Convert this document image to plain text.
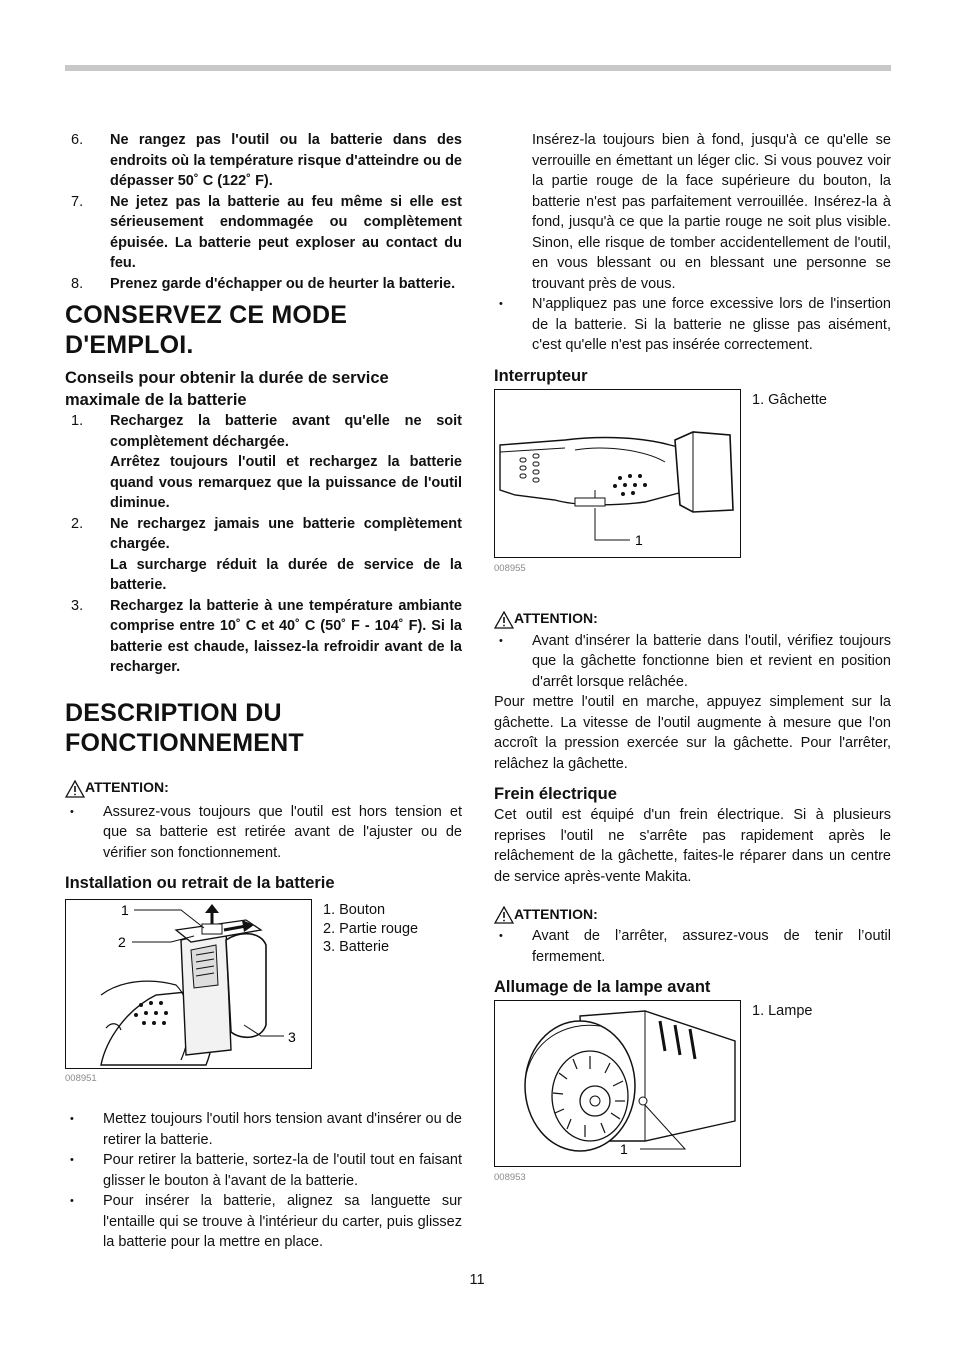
6. Ne rangez pas l'outil ou la batterie dans des endroits où la température risque d'atteindre ou de dépasser 50˚ C (122˚ F).

7. Ne jetez pas la batterie au feu même si elle est sérieusement endommagée ou complètement épuisée. La batterie peut exploser au contact du feu.

8. Prenez garde d'échapper ou de heurter la batterie.

CONSERVEZ CE MODE D'EMPLOI.
Conseils pour obtenir la durée de service maximale de la batterie
1. Rechargez la batterie avant qu'elle ne soit complètement déchargée.

Arrêtez toujours l'outil et rechargez la batterie quand vous remarquez que la puissance de l'outil diminue.

2. Ne rechargez jamais une batterie complètement chargée.

La surcharge réduit la durée de service de la batterie.

3. Rechargez la batterie à une température ambiante comprise entre 10˚ C et 40˚ C (50˚ F - 104˚ F). Si la batterie est chaude, laissez-la refroidir avant de la recharger.

DESCRIPTION DU FONCTIONNEMENT
ATTENTION:
• Assurez-vous toujours que l'outil est hors tension et que sa batterie est retirée avant de l'ajuster ou de vérifier son fonctionnement.
Installation ou retrait de la batterie
1
2
3
008951
1. Bouton
2. Partie rouge
3. Batterie
• Mettez toujours l'outil hors tension avant d'insérer ou de retirer la batterie.
• Pour retirer la batterie, sortez-la de l'outil tout en faisant glisser le bouton à l'avant de la batterie.
• Pour insérer la batterie, alignez sa languette sur l'entaille qui se trouve à l'intérieur du carter, puis glissez la batterie pour la mettre en place.
Insérez-la toujours bien à fond, jusqu'à ce qu'elle se verrouille en émettant un léger clic. Si vous pouvez voir la partie rouge de la face supérieure du bouton, la batterie n'est pas parfaitement verrouillée. Insérez-la à fond, jusqu'à ce que la partie rouge ne soit plus visible. Sinon, elle risque de tomber accidentellement de l'outil, en vous blessant ou en blessant une personne se trouvant près de vous.
• N'appliquez pas une force excessive lors de l'insertion de la batterie. Si la batterie ne glisse pas aisément, c'est qu'elle n'est pas insérée correctement.
Interrupteur
1
008955
1. Gâchette
ATTENTION:
• Avant d'insérer la batterie dans l'outil, vérifiez toujours que la gâchette fonctionne bien et revient en position d'arrêt lorsque relâchée.
Pour mettre l'outil en marche, appuyez simplement sur la gâchette. La vitesse de l'outil augmente à mesure que l'on accroît la pression exercée sur la gâchette. Pour l'arrêter, relâchez la gâchette.
Frein électrique
Cet outil est équipé d'un frein électrique. Si à plusieurs reprises l'outil ne s'arrête pas rapidement après le relâchement de la gâchette, faites-le réparer dans un centre de service après-vente Makita.
ATTENTION:
• Avant de l’arrêter, assurez-vous de tenir l’outil fermement.
Allumage de la lampe avant
1
008953
1. Lampe
11
